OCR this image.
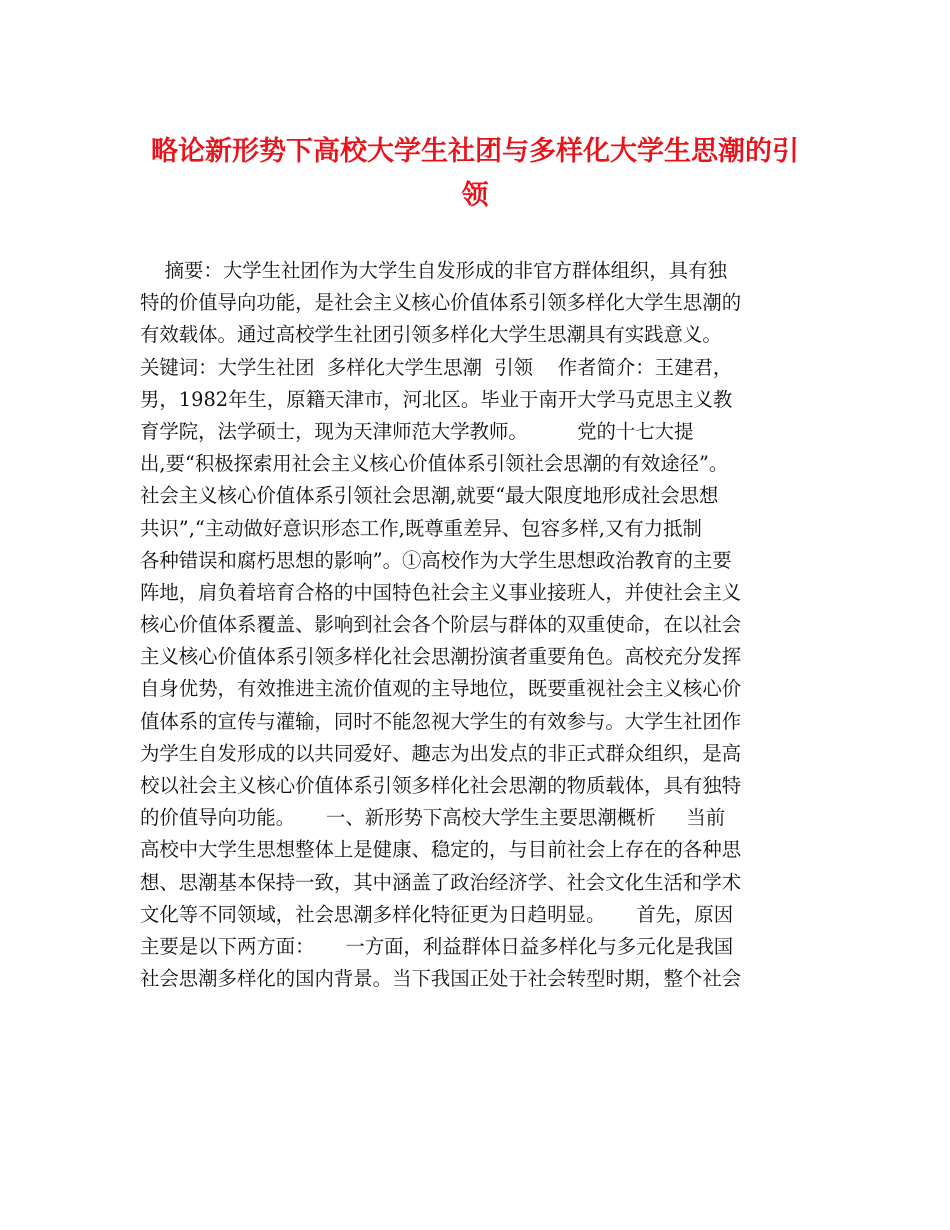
略论新形势下高校大学生社团与多样化大学生思潮的引
领
摘要：大学生社团作为大学生自发形成的非官方群体组织，具有独
特的价值导向功能，是社会主义核心价值体系引领多样化大学生思潮的
有效载体。通过高校学生社团引领多样化大学生思潮具有实践意义。
关键词：大学生社团  多样化大学生思潮  引领    作者简介：王建君，
男，1982年生，原籍天津市，河北区。毕业于南开大学马克思主义教
育学院，法学硕士，现为天津师范大学教师。        党的十七大提
出,要“积极探索用社会主义核心价值体系引领社会思潮的有效途径”。
社会主义核心价值体系引领社会思潮,就要“最大限度地形成社会思想
共识”,“主动做好意识形态工作,既尊重差异、包容多样,又有力抵制
各种错误和腐朽思想的影响”。①高校作为大学生思想政治教育的主要
阵地，肩负着培育合格的中国特色社会主义事业接班人，并使社会主义
核心价值体系覆盖、影响到社会各个阶层与群体的双重使命，在以社会
主义核心价值体系引领多样化社会思潮扮演者重要角色。高校充分发挥
自身优势，有效推进主流价值观的主导地位，既要重视社会主义核心价
值体系的宣传与灌输，同时不能忽视大学生的有效参与。大学生社团作
为学生自发形成的以共同爱好、趣志为出发点的非正式群众组织，是高
校以社会主义核心价值体系引领多样化社会思潮的物质载体，具有独特
的价值导向功能。     一、新形势下高校大学生主要思潮概析     当前
高校中大学生思想整体上是健康、稳定的，与目前社会上存在的各种思
想、思潮基本保持一致，其中涵盖了政治经济学、社会文化生活和学术
文化等不同领域，社会思潮多样化特征更为日趋明显。     首先，原因
主要是以下两方面：     一方面，利益群体日益多样化与多元化是我国
社会思潮多样化的国内背景。当下我国正处于社会转型时期，整个社会
